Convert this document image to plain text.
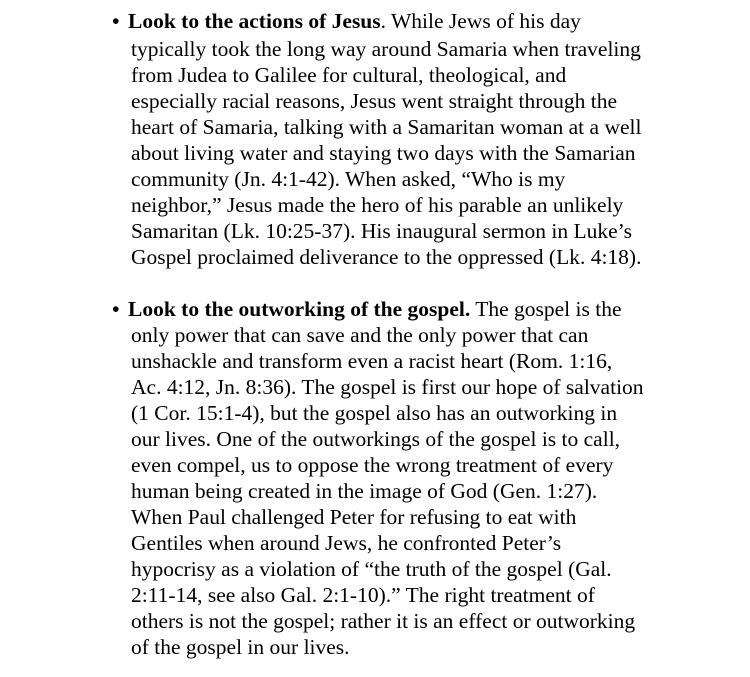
• Look to the actions of Jesus. While Jews of his day
typically took the long way around Samaria when traveling
from Judea to Galilee for cultural, theological, and
especially racial reasons, Jesus went straight through the
heart of Samaria, talking with a Samaritan woman at a well
about living water and staying two days with the Samarian
community (Jn. 4:1-42). When asked, “Who is my
neighbor,” Jesus made the hero of his parable an unlikely
Samaritan (Lk. 10:25-37). His inaugural sermon in Luke’s
Gospel proclaimed deliverance to the oppressed (Lk. 4:18).
• Look to the outworking of the gospel. The gospel is the
only power that can save and the only power that can
unshackle and transform even a racist heart (Rom. 1:16,
Ac. 4:12, Jn. 8:36). The gospel is first our hope of salvation
(1 Cor. 15:1-4), but the gospel also has an outworking in
our lives. One of the outworkings of the gospel is to call,
even compel, us to oppose the wrong treatment of every
human being created in the image of God (Gen. 1:27).
When Paul challenged Peter for refusing to eat with
Gentiles when around Jews, he confronted Peter’s
hypocrisy as a violation of “the truth of the gospel (Gal.
2:11-14, see also Gal. 2:1-10).” The right treatment of
others is not the gospel; rather it is an effect or outworking
of the gospel in our lives.
